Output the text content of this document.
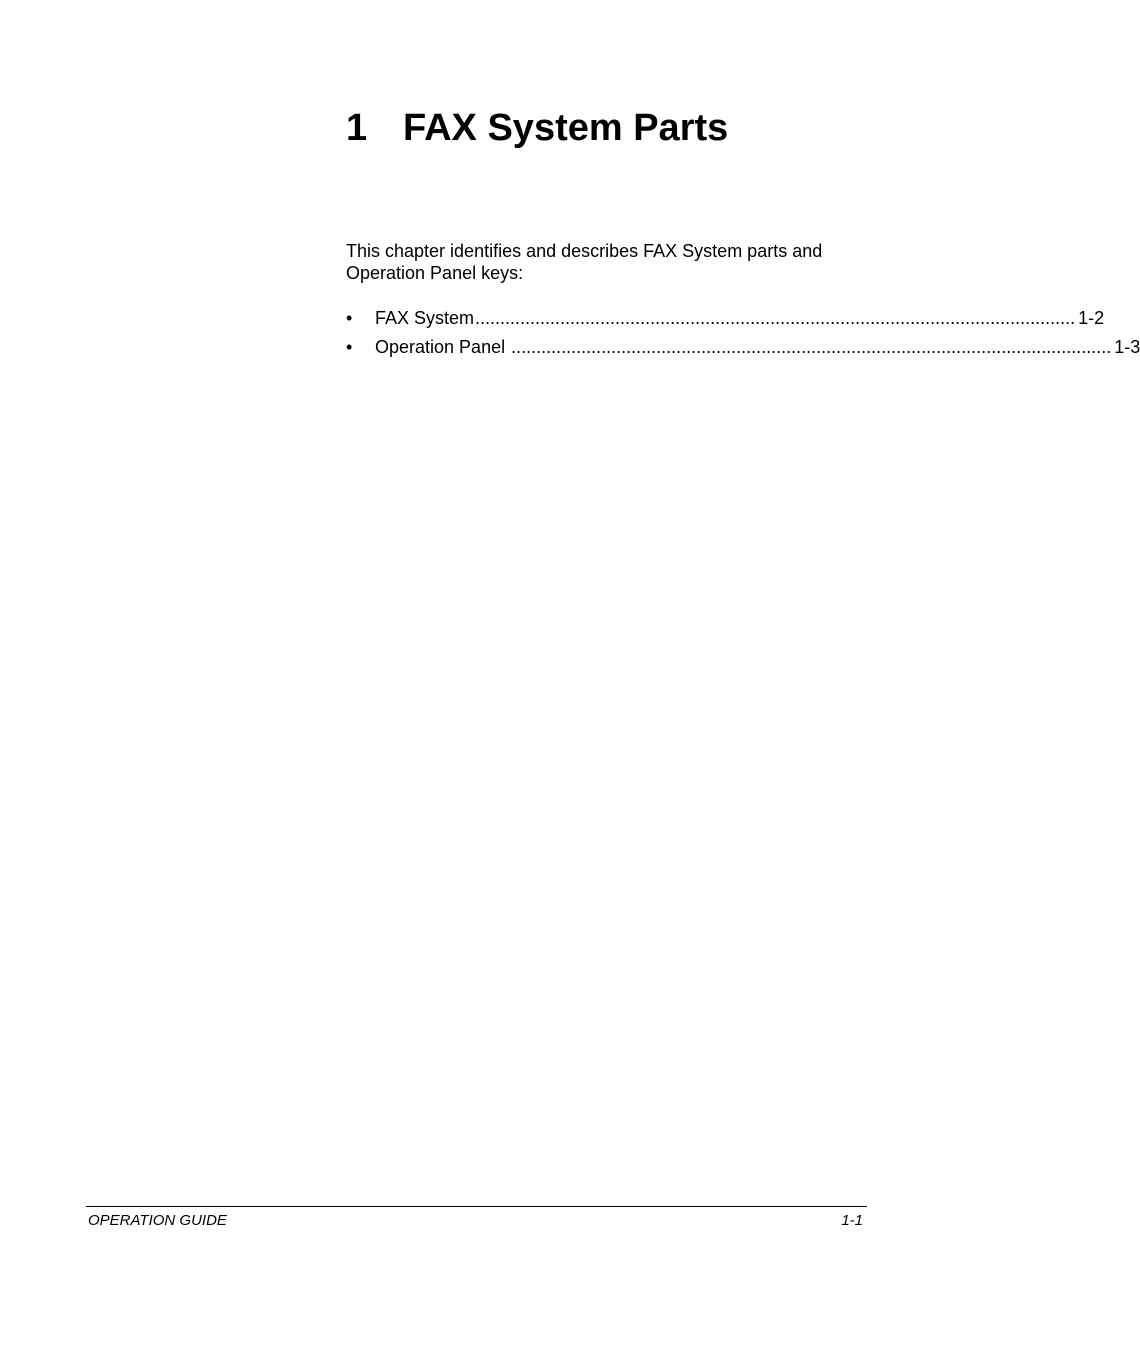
1 FAX System Parts

This chapter identifies and describes FAX System parts and Operation Panel keys:

•	FAX System ........................................................................................................................ 1-2
•	Operation Panel ........................................................................................................................ 1-3
OPERATION GUIDE	1-1
